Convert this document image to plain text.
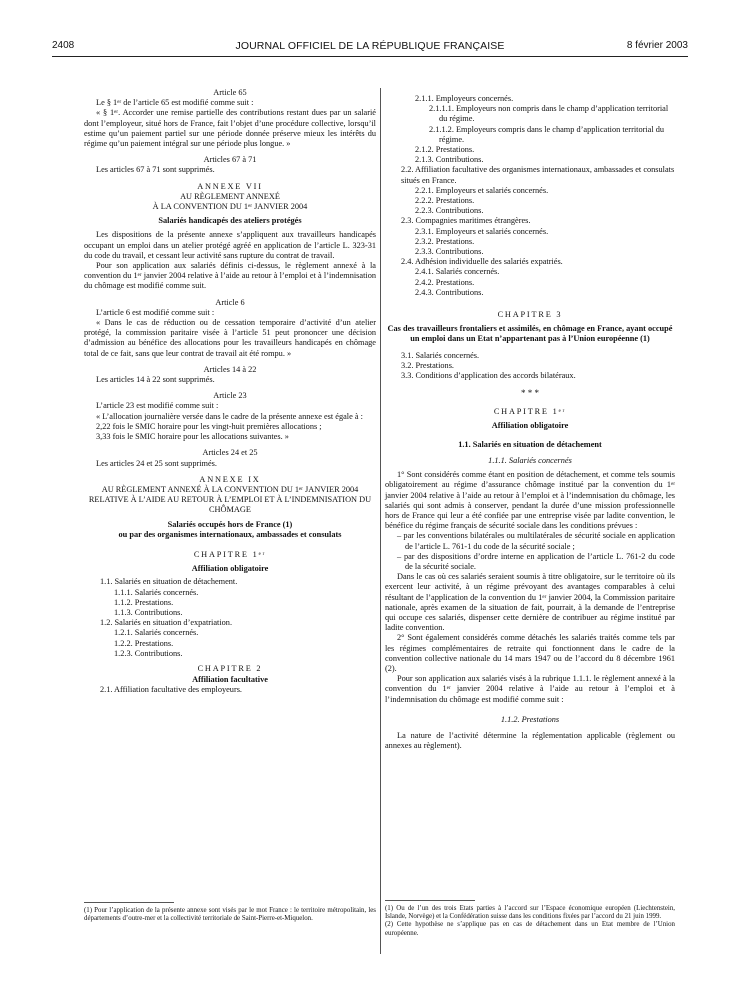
2408	JOURNAL OFFICIEL DE LA RÉPUBLIQUE FRANÇAISE	8 février 2003

Article 65

Le § 1ᵉʳ de l’article 65 est modifié comme suit :

« § 1ᵉʳ. Accorder une remise partielle des contributions restant dues par un salarié dont l’employeur, situé hors de France, fait l’objet d’une procédure collective, lorsqu’il estime qu’un paiement partiel sur une période donnée préserve mieux les intérêts du régime qu’un paiement intégral sur une période plus longue. »

Articles 67 à 71

Les articles 67 à 71 sont supprimés.

ANNEXE VII

AU RÈGLEMENT ANNEXÉ

À LA CONVENTION DU 1ᵉʳ JANVIER 2004

Salariés handicapés des ateliers protégés

Les dispositions de la présente annexe s’appliquent aux travailleurs handicapés occupant un emploi dans un atelier protégé agréé en application de l’article L. 323-31 du code du travail, et cessant leur activité sans rupture du contrat de travail.

Pour son application aux salariés définis ci-dessus, le règlement annexé à la convention du 1ᵉʳ janvier 2004 relative à l’aide au retour à l’emploi et à l’indemnisation du chômage est modifié comme suit.

Article 6

L’article 6 est modifié comme suit :

« Dans le cas de réduction ou de cessation temporaire d’activité d’un atelier protégé, la commission paritaire visée à l’article 51 peut prononcer une décision d’admission au bénéfice des allocations pour les travailleurs handicapés en chômage total de ce fait, sans que leur contrat de travail ait été rompu. »

Articles 14 à 22

Les articles 14 à 22 sont supprimés.

Article 23

L’article 23 est modifié comme suit :

« L’allocation journalière versée dans le cadre de la présente annexe est égale à :

2,22 fois le SMIC horaire pour les vingt-huit premières allocations ;

3,33 fois le SMIC horaire pour les allocations suivantes. »

Articles 24 et 25

Les articles 24 et 25 sont supprimés.

ANNEXE IX

AU RÈGLEMENT ANNEXÉ À LA CONVENTION DU 1ᵉʳ JANVIER 2004 RELATIVE À L’AIDE AU RETOUR À L’EMPLOI ET À L’INDEMNISATION DU CHÔMAGE

Salariés occupés hors de France (1)

ou par des organismes internationaux, ambassades et consulats

CHAPITRE 1ᵉʳ

Affiliation obligatoire

1.1. Salariés en situation de détachement.

1.1.1. Salariés concernés.

1.1.2. Prestations.

1.1.3. Contributions.

1.2. Salariés en situation d’expatriation.

1.2.1. Salariés concernés.

1.2.2. Prestations.

1.2.3. Contributions.

CHAPITRE 2

Affiliation facultative

2.1. Affiliation facultative des employeurs.

(1) Pour l’application de la présente annexe sont visés par le mot France : le territoire métropolitain, les départements d’outre-mer et la collectivité territoriale de Saint-Pierre-et-Miquelon.

2.1.1. Employeurs concernés.

2.1.1.1. Employeurs non compris dans le champ d’application territorial du régime.

2.1.1.2. Employeurs compris dans le champ d’application territorial du régime.

2.1.2. Prestations.

2.1.3. Contributions.

2.2. Affiliation facultative des organismes internationaux, ambassades et consulats situés en France.

2.2.1. Employeurs et salariés concernés.

2.2.2. Prestations.

2.2.3. Contributions.

2.3. Compagnies maritimes étrangères.

2.3.1. Employeurs et salariés concernés.

2.3.2. Prestations.

2.3.3. Contributions.

2.4. Adhésion individuelle des salariés expatriés.

2.4.1. Salariés concernés.

2.4.2. Prestations.

2.4.3. Contributions.

CHAPITRE 3

Cas des travailleurs frontaliers et assimilés, en chômage en France, ayant occupé un emploi dans un Etat n’appartenant pas à l’Union européenne (1)

3.1. Salariés concernés.

3.2. Prestations.

3.3. Conditions d’application des accords bilatéraux.

* * *

CHAPITRE 1ᵉʳ

Affiliation obligatoire

1.1. Salariés en situation de détachement

1.1.1. Salariés concernés

1° Sont considérés comme étant en position de détachement, et comme tels soumis obligatoirement au régime d’assurance chômage institué par la convention du 1ᵉʳ janvier 2004 relative à l’aide au retour à l’emploi et à l’indemnisation du chômage, les salariés qui sont admis à conserver, pendant la durée d’une mission professionnelle hors de France qui leur a été confiée par une entreprise visée par ladite convention, le bénéfice du régime français de sécurité sociale dans les conditions prévues :

– par les conventions bilatérales ou multilatérales de sécurité sociale en application de l’article L. 761-1 du code de la sécurité sociale ;

– par des dispositions d’ordre interne en application de l’article L. 761-2 du code de la sécurité sociale.

Dans le cas où ces salariés seraient soumis à titre obligatoire, sur le territoire où ils exercent leur activité, à un régime prévoyant des avantages comparables à celui résultant de l’application de la convention du 1ᵉʳ janvier 2004, la Commission paritaire nationale, après examen de la situation de fait, pourrait, à la demande de l’entreprise qui occupe ces salariés, dispenser cette dernière de contribuer au régime institué par ladite convention.

2° Sont également considérés comme détachés les salariés traités comme tels par les régimes complémentaires de retraite qui fonctionnent dans le cadre de la convention collective nationale du 14 mars 1947 ou de l’accord du 8 décembre 1961 (2).

Pour son application aux salariés visés à la rubrique 1.1.1. le règlement annexé à la convention du 1ᵉʳ janvier 2004 relative à l’aide au retour à l’emploi et à l’indemnisation du chômage est modifié comme suit :

1.1.2. Prestations

La nature de l’activité détermine la réglementation applicable (règlement ou annexes au règlement).

(1) Ou de l’un des trois Etats parties à l’accord sur l’Espace économique européen (Liechtenstein, Islande, Norvège) et la Confédération suisse dans les conditions fixées par l’accord du 21 juin 1999.

(2) Cette hypothèse ne s’applique pas en cas de détachement dans un Etat membre de l’Union européenne.
